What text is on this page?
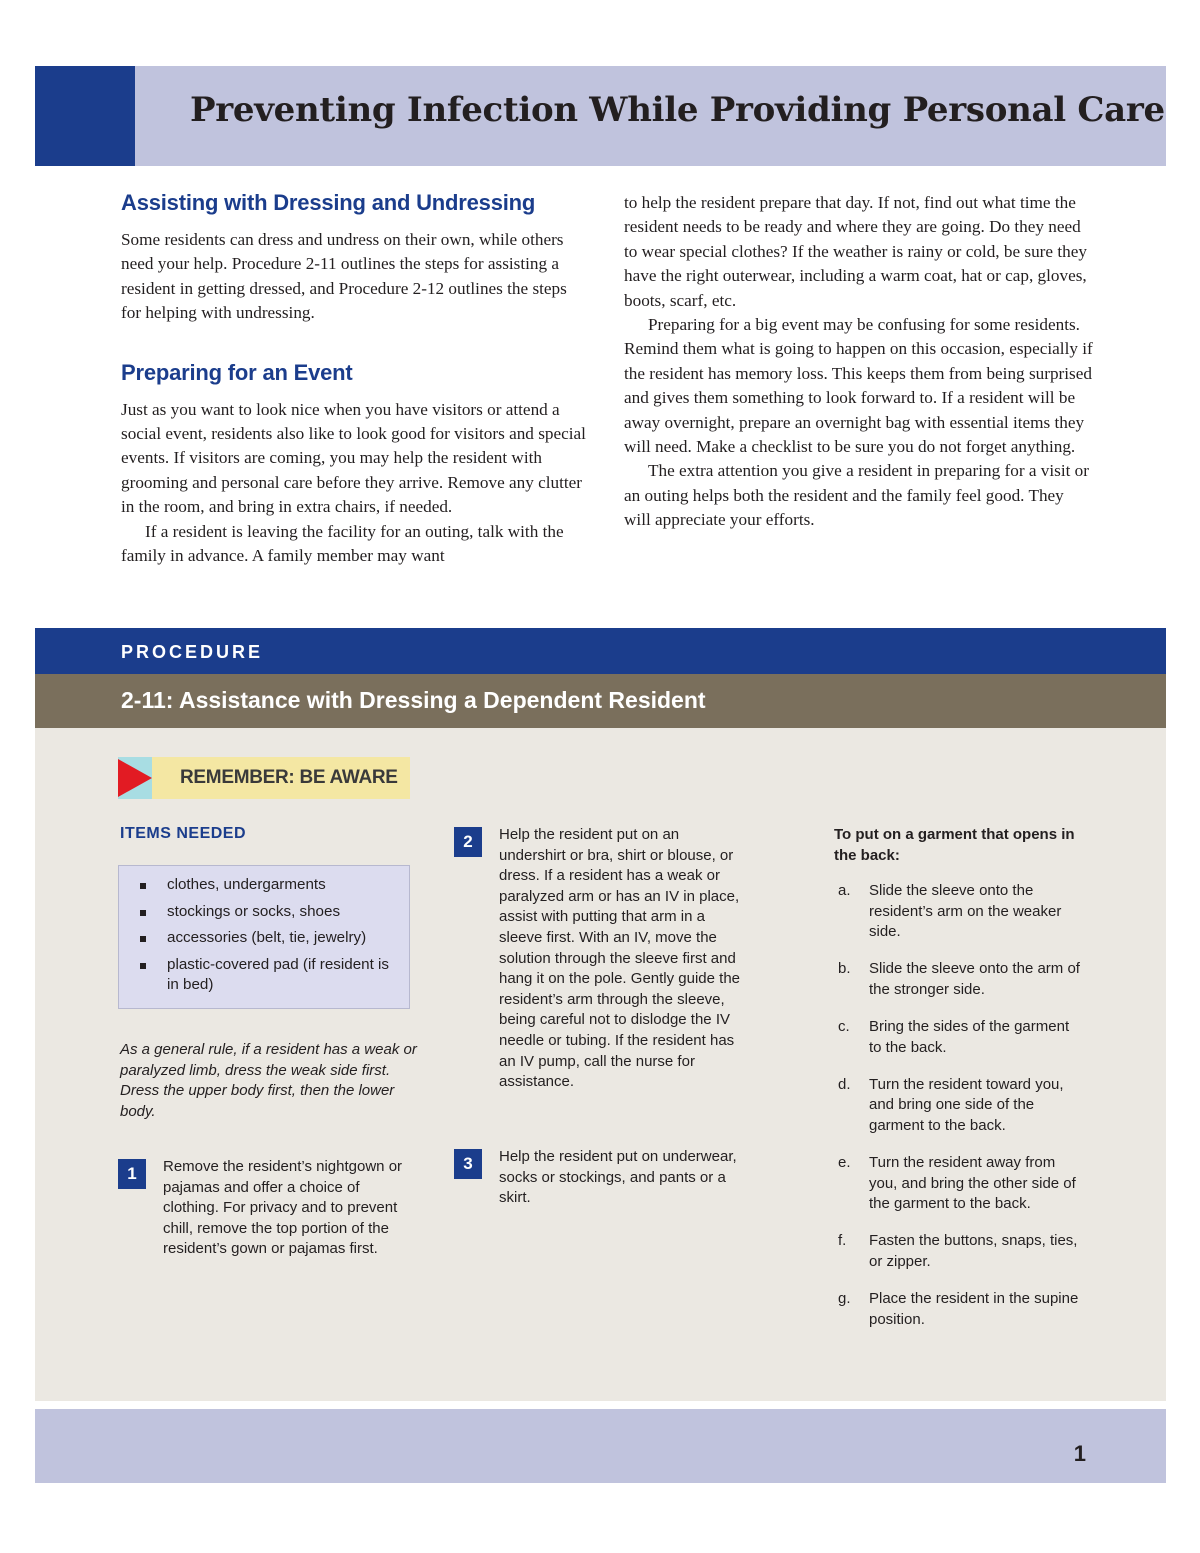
Preventing Infection While Providing Personal Care
Assisting with Dressing and Undressing

Some residents can dress and undress on their own, while others need your help. Procedure 2-11 outlines the steps for assisting a resident in getting dressed, and Procedure 2-12 outlines the steps for helping with undressing.

Preparing for an Event

Just as you want to look nice when you have visitors or attend a social event, residents also like to look good for visitors and special events. If visitors are coming, you may help the resident with grooming and personal care before they arrive. Remove any clutter in the room, and bring in extra chairs, if needed.

If a resident is leaving the facility for an outing, talk with the family in advance. A family member may want

to help the resident prepare that day. If not, find out what time the resident needs to be ready and where they are going. Do they need to wear special clothes? If the weather is rainy or cold, be sure they have the right outerwear, including a warm coat, hat or cap, gloves, boots, scarf, etc.

Preparing for a big event may be confusing for some residents. Remind them what is going to happen on this occasion, especially if the resident has memory loss. This keeps them from being surprised and gives them something to look forward to. If a resident will be away overnight, prepare an overnight bag with essential items they will need. Make a checklist to be sure you do not forget anything.

The extra attention you give a resident in preparing for a visit or an outing helps both the resident and the family feel good. They will appreciate your efforts.

PROCEDURE
2-11: Assistance with Dressing a Dependent Resident
REMEMBER: BE AWARE
ITEMS NEEDED
clothes, undergarments
stockings or socks, shoes
accessories (belt, tie, jewelry)
plastic-covered pad (if resident is in bed)

As a general rule, if a resident has a weak or paralyzed limb, dress the weak side first. Dress the upper body first, then the lower body.

1	Remove the resident’s nightgown or pajamas and offer a choice of clothing. For privacy and to prevent chill, remove the top portion of the resident’s gown or pajamas first.

2	Help the resident put on an undershirt or bra, shirt or blouse, or dress. If a resident has a weak or paralyzed arm or has an IV in place, assist with putting that arm in a sleeve first. With an IV, move the solution through the sleeve first and hang it on the pole. Gently guide the resident’s arm through the sleeve, being careful not to dislodge the IV needle or tubing. If the resident has an IV pump, call the nurse for assistance.

3	Help the resident put on underwear, socks or stockings, and pants or a skirt.

To put on a garment that opens in the back:

a. Slide the sleeve onto the resident’s arm on the weaker side.
b. Slide the sleeve onto the arm of the stronger side.
c. Bring the sides of the garment to the back.
d. Turn the resident toward you, and bring one side of the garment to the back.
e. Turn the resident away from you, and bring the other side of the garment to the back.
f. Fasten the buttons, snaps, ties, or zipper.
g. Place the resident in the supine position.
1
